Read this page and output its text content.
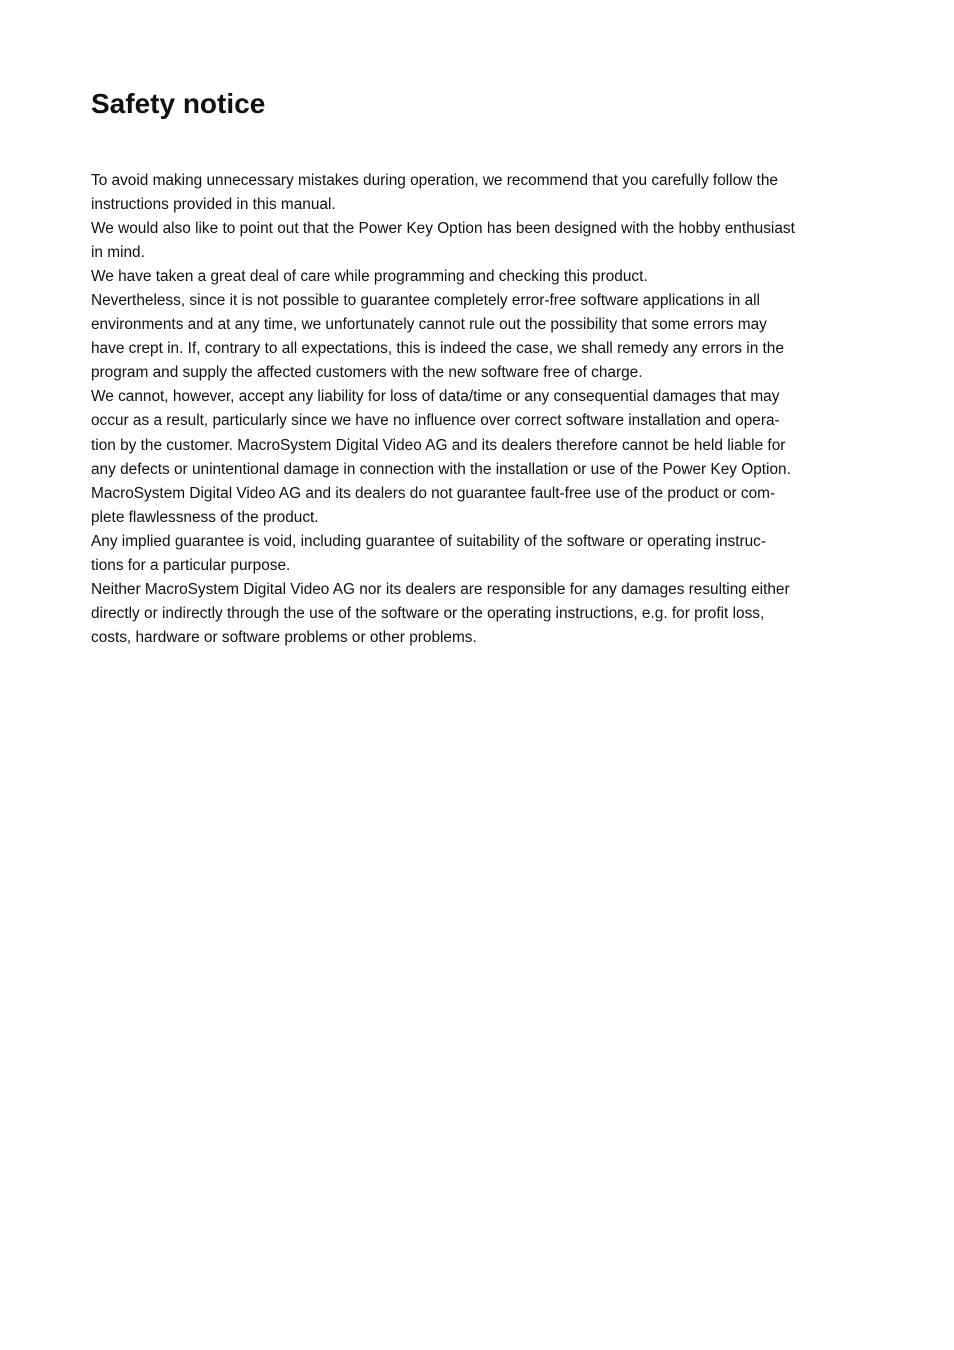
Safety notice
To avoid making unnecessary mistakes during operation, we recommend that you carefully follow the
instructions provided in this manual.
We would also like to point out that the Power Key Option has been designed with the hobby enthusiast
in mind.
We have taken a great deal of care while programming and checking this product.
Nevertheless, since it is not possible to guarantee completely error-free software applications in all
environments and at any time, we unfortunately cannot rule out the possibility that some errors may
have crept in. If, contrary to all expectations, this is indeed the case, we shall remedy any errors in the
program and supply the affected customers with the new software free of charge.
We cannot, however, accept any liability for loss of data/time or any consequential damages that may
occur as a result, particularly since we have no influence over correct software installation and opera-
tion by the customer. MacroSystem Digital Video AG and its dealers therefore cannot be held liable for
any defects or unintentional damage in connection with the installation or use of the Power Key Option.
MacroSystem Digital Video AG and its dealers do not guarantee fault-free use of the product or com-
plete flawlessness of the product.
Any implied guarantee is void, including guarantee of suitability of the software or operating instruc-
tions for a particular purpose.
Neither MacroSystem Digital Video AG nor its dealers are responsible for any damages resulting either
directly or indirectly through the use of the software or the operating instructions, e.g. for profit loss,
costs, hardware or software problems or other problems.
